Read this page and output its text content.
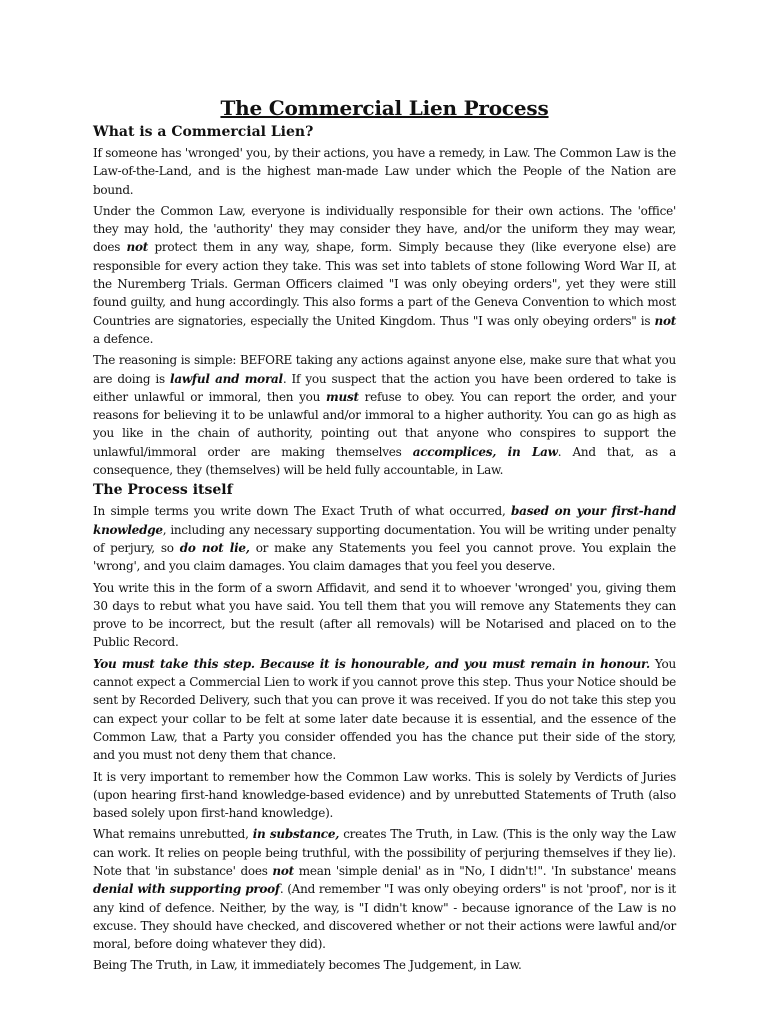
The Commercial Lien Process
What is a Commercial Lien?

If someone has 'wronged' you, by their actions, you have a remedy, in Law. The Common Law is the Law-of-the-Land, and is the highest man-made Law under which the People of the Nation are bound.

Under the Common Law, everyone is individually responsible for their own actions. The 'office' they may hold, the 'authority' they may consider they have, and/or the uniform they may wear, does not protect them in any way, shape, form. Simply because they (like everyone else) are responsible for every action they take. This was set into tablets of stone following Word War II, at the Nuremberg Trials. German Officers claimed "I was only obeying orders", yet they were still found guilty, and hung accordingly. This also forms a part of the Geneva Convention to which most Countries are signatories, especially the United Kingdom. Thus "I was only obeying orders" is not a defence.

The reasoning is simple: BEFORE taking any actions against anyone else, make sure that what you are doing is lawful and moral. If you suspect that the action you have been ordered to take is either unlawful or immoral, then you must refuse to obey. You can report the order, and your reasons for believing it to be unlawful and/or immoral to a higher authority. You can go as high as you like in the chain of authority, pointing out that anyone who conspires to support the unlawful/immoral order are making themselves accomplices, in Law. And that, as a consequence, they (themselves) will be held fully accountable, in Law.

The Process itself

In simple terms you write down The Exact Truth of what occurred, based on your first-hand knowledge, including any necessary supporting documentation. You will be writing under penalty of perjury, so do not lie, or make any Statements you feel you cannot prove. You explain the 'wrong', and you claim damages. You claim damages that you feel you deserve.

You write this in the form of a sworn Affidavit, and send it to whoever 'wronged' you, giving them 30 days to rebut what you have said. You tell them that you will remove any Statements they can prove to be incorrect, but the result (after all removals) will be Notarised and placed on to the Public Record.

You must take this step. Because it is honourable, and you must remain in honour. You cannot expect a Commercial Lien to work if you cannot prove this step. Thus your Notice should be sent by Recorded Delivery, such that you can prove it was received. If you do not take this step you can expect your collar to be felt at some later date because it is essential, and the essence of the Common Law, that a Party you consider offended you has the chance put their side of the story, and you must not deny them that chance.

It is very important to remember how the Common Law works. This is solely by Verdicts of Juries (upon hearing first-hand knowledge-based evidence) and by unrebutted Statements of Truth (also based solely upon first-hand knowledge).

What remains unrebutted, in substance, creates The Truth, in Law. (This is the only way the Law can work. It relies on people being truthful, with the possibility of perjuring themselves if they lie). Note that 'in substance' does not mean 'simple denial' as in "No, I didn't!". 'In substance' means denial with supporting proof. (And remember "I was only obeying orders" is not 'proof', nor is it any kind of defence. Neither, by the way, is "I didn't know" - because ignorance of the Law is no excuse. They should have checked, and discovered whether or not their actions were lawful and/or moral, before doing whatever they did).

Being The Truth, in Law, it immediately becomes The Judgement, in Law.
